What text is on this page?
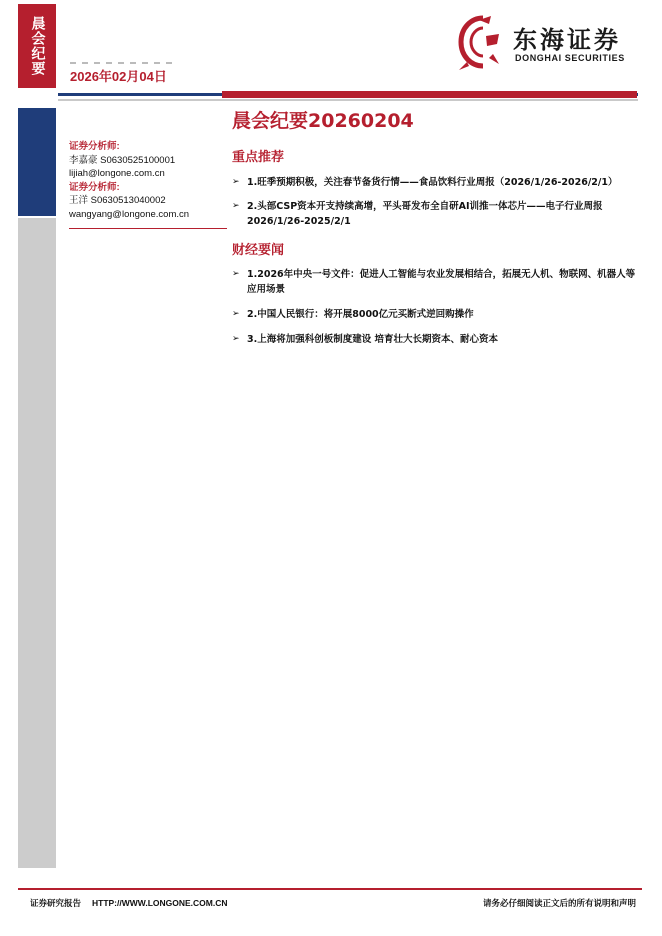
晨会纪要
2026年02月04日
东海证券
DONGHAI SECURITIES
证券分析师:
李嘉豪 S0630525100001
lijiah@longone.com.cn
证券分析师:
王洋 S0630513040002
wangyang@longone.com.cn
晨会纪要20260204
重点推荐
➢ 1.旺季预期积极，关注春节备货行情——食品饮料行业周报（2026/1/26-2026/2/1）
➢ 2.头部CSP资本开支持续高增，平头哥发布全自研AI训推一体芯片——电子行业周报2026/1/26-2025/2/1
财经要闻
➢ 1.2026年中央一号文件：促进人工智能与农业发展相结合，拓展无人机、物联网、机器人等应用场景
➢ 2.中国人民银行：将开展8000亿元买断式逆回购操作
➢ 3.上海将加强科创板制度建设 培育壮大长期资本、耐心资本
证券研究报告 HTTP://WWW.LONGONE.COM.CN	请务必仔细阅读正文后的所有说明和声明
